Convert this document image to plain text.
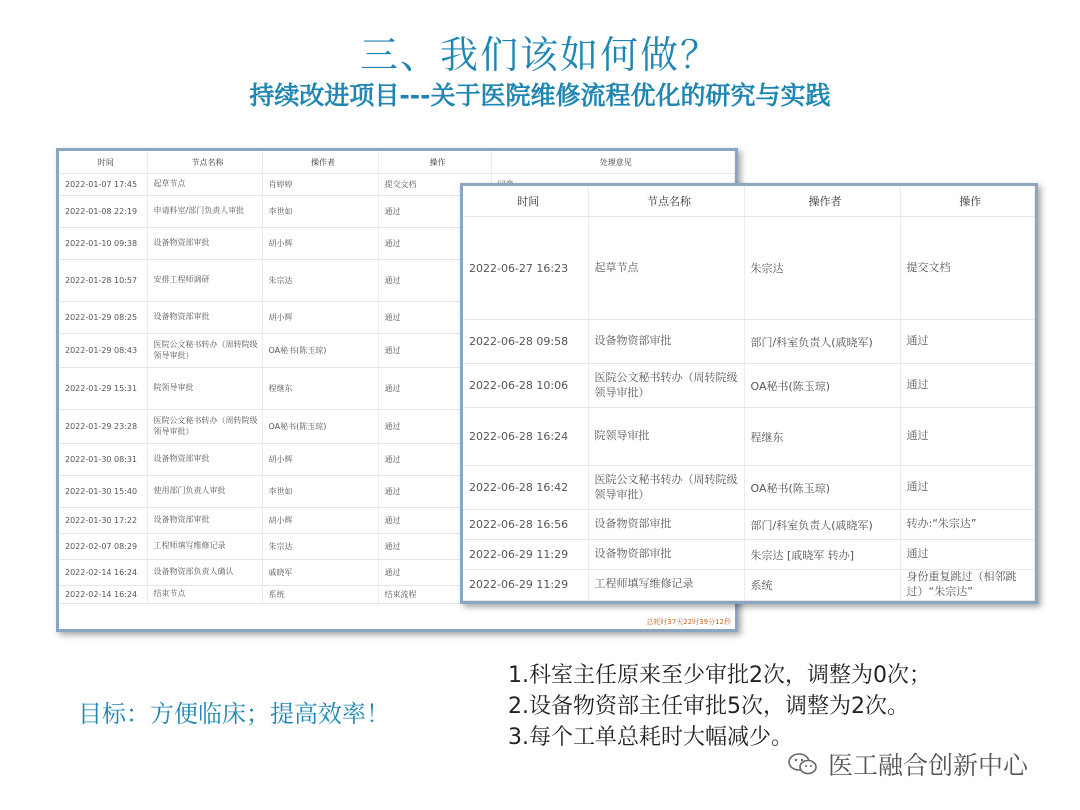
三、我们该如何做？
持续改进项目---关于医院维修流程优化的研究与实践
时间	节点名称	操作者	操作	处理意见
2022-01-07 17:45	起草节点	肖婷婷	提交文档	
2022-01-08 22:19	申请科室/部门负责人审批	李世如	通过	
2022-01-10 09:38	设备物资部审批	胡小辉	通过	
2022-01-28 10:57	安排工程师调研	朱宗达	通过	
2022-01-29 08:25	设备物资部审批	胡小辉	通过	
2022-01-29 08:43	医院公文秘书转办（周转院级领导审批）	OA秘书(陈玉琼)	通过	
2022-01-29 15:31	院领导审批	程继东	通过	
2022-01-29 23:28	医院公文秘书转办（周转院级领导审批）	OA秘书(陈玉琼)	通过	
2022-01-30 08:31	设备物资部审批	胡小辉	通过	
2022-01-30 15:40	使用部门负责人审批	李世如	通过	
2022-01-30 17:22	设备物资部审批	胡小辉	通过	
2022-02-07 08:29	工程师填写维修记录	朱宗达	通过	
2022-02-14 16:24	设备物资部负责人确认	戚晓军	通过	
2022-02-14 16:24	结束节点	系统	结束流程	
总耗时37天22时39分12秒
时间	节点名称	操作者	操作
2022-06-27 16:23	起草节点	朱宗达	提交文档
2022-06-28 09:58	设备物资部审批	部门/科室负责人(戚晓军)	通过
2022-06-28 10:06	医院公文秘书转办（周转院级领导审批）	OA秘书(陈玉琼)	通过
2022-06-28 16:24	院领导审批	程继东	通过
2022-06-28 16:42	医院公文秘书转办（周转院级领导审批）	OA秘书(陈玉琼)	通过
2022-06-28 16:56	设备物资部审批	部门/科室负责人(戚晓军)	转办:“朱宗达”
2022-06-29 11:29	设备物资部审批	朱宗达 [戚晓军 转办]	通过
2022-06-29 11:29	工程师填写维修记录	系统	身份重复跳过（相邻跳过）“朱宗达”
目标：方便临床；提高效率！
1.科室主任原来至少审批2次，调整为0次；
2.设备物资部主任审批5次，调整为2次。
3.每个工单总耗时大幅减少。
医工融合创新中心
